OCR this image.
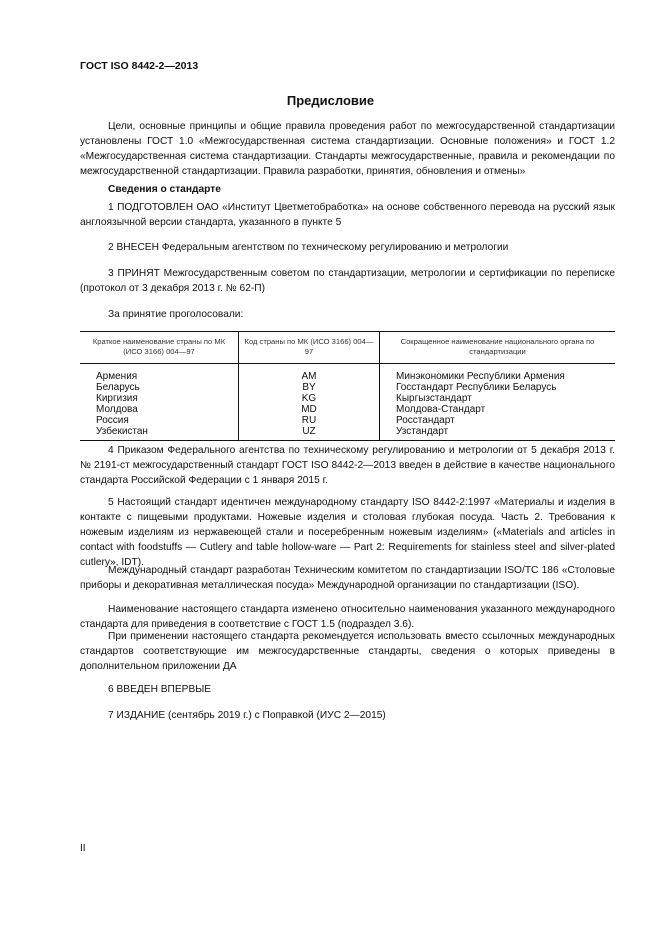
ГОСТ ISO 8442-2—2013
Предисловие
Цели, основные принципы и общие правила проведения работ по межгосударственной стандартизации установлены ГОСТ 1.0 «Межгосударственная система стандартизации. Основные положения» и ГОСТ 1.2 «Межгосударственная система стандартизации. Стандарты межгосударственные, правила и рекомендации по межгосударственной стандартизации. Правила разработки, принятия, обновления и отмены»
Сведения о стандарте
1 ПОДГОТОВЛЕН ОАО «Институт Цветметобработка» на основе собственного перевода на русский язык англоязычной версии стандарта, указанного в пункте 5
2 ВНЕСЕН Федеральным агентством по техническому регулированию и метрологии
3 ПРИНЯТ Межгосударственным советом по стандартизации, метрологии и сертификации по переписке (протокол от 3 декабря 2013 г. № 62-П)
За принятие проголосовали:
Краткое наименование страны по МК (ИСО 3166) 004—97	Код страны по МК (ИСО 3166) 004—97	Сокращенное наименование национального органа по стандартизации
Армения	AM	Минэкономики Республики Армения
Беларусь	BY	Госстандарт Республики Беларусь
Киргизия	KG	Кыргызстандарт
Молдова	MD	Молдова-Стандарт
Россия	RU	Росстандарт
Узбекистан	UZ	Узстандарт
4 Приказом Федерального агентства по техническому регулированию и метрологии от 5 декабря 2013 г. № 2191-ст межгосударственный стандарт ГОСТ ISO 8442-2—2013 введен в действие в качестве национального стандарта Российской Федерации с 1 января 2015 г.
5 Настоящий стандарт идентичен международному стандарту ISO 8442-2:1997 «Материалы и изделия в контакте с пищевыми продуктами. Ножевые изделия и столовая глубокая посуда. Часть 2. Требования к ножевым изделиям из нержавеющей стали и посеребренным ножевым изделиям» («Materials and articles in contact with foodstuffs — Cutlery and table hollow-ware — Part 2: Requirements for stainless steel and silver-plated cutlery», IDT).
Международный стандарт разработан Техническим комитетом по стандартизации ISO/TC 186 «Столовые приборы и декоративная металлическая посуда» Международной организации по стандартизации (ISO).
Наименование настоящего стандарта изменено относительно наименования указанного международного стандарта для приведения в соответствие с ГОСТ 1.5 (подраздел 3.6).
При применении настоящего стандарта рекомендуется использовать вместо ссылочных международных стандартов соответствующие им межгосударственные стандарты, сведения о которых приведены в дополнительном приложении ДА
6 ВВЕДЕН ВПЕРВЫЕ
7 ИЗДАНИЕ (сентябрь 2019 г.) с Поправкой (ИУС 2—2015)
II
